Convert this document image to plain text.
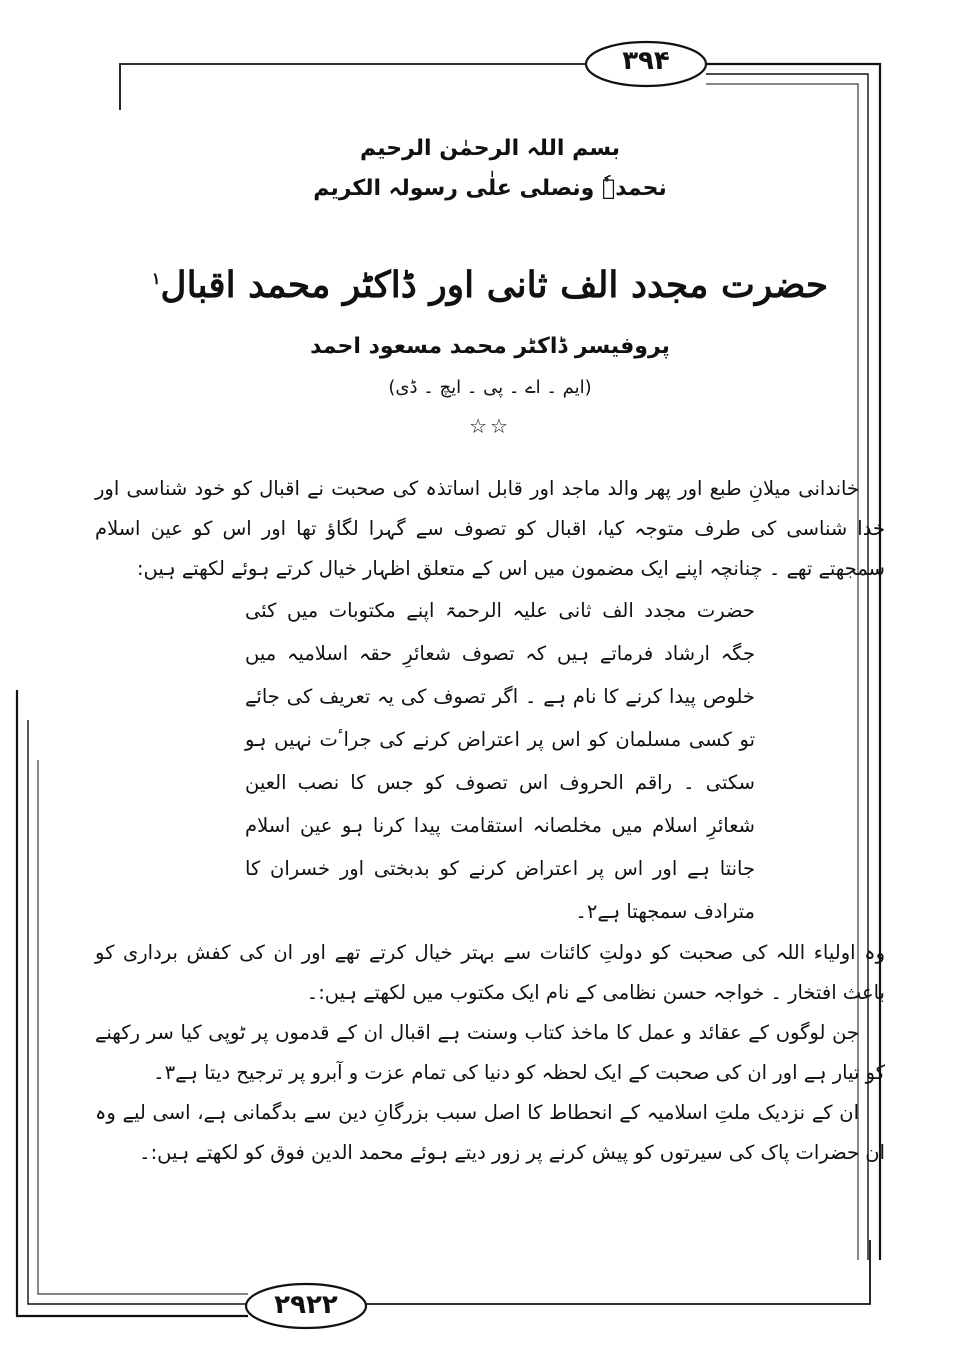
۳۹۴
۲۹۲۲
بسم اللہ الرحمٰن الرحیم
نحمدہٗ ونصلی علٰی رسولہ الکریم
حضرت مجدد الف ثانی اور ڈاکٹر محمد اقبال$^۱$
پروفیسر ڈاکٹر محمد مسعود احمد
(ایم ۔ اے ۔ پی ۔ ایچ ۔ ڈی)
☆☆

خاندانی میلانِ طبع اور پھر والد ماجد اور قابل اساتذہ کی صحبت نے اقبال کو خود شناسی اور خدا شناسی کی طرف متوجہ کیا، اقبال کو تصوف سے گہرا لگاؤ تھا اور اس کو عین اسلام سمجھتے تھے ۔ چنانچہ اپنے ایک مضمون میں اس کے متعلق اظہار خیال کرتے ہوئے لکھتے ہیں:

حضرت مجدد الف ثانی علیہ الرحمۃ اپنے مکتوبات میں کئی جگہ ارشاد فرماتے ہیں کہ تصوف شعائرِ حقہ اسلامیہ میں خلوص پیدا کرنے کا نام ہے ۔ اگر تصوف کی یہ تعریف کی جائے تو کسی مسلمان کو اس پر اعتراض کرنے کی جراٴت نہیں ہو سکتی ۔ راقم الحروف اس تصوف کو جس کا نصب العین شعائرِ اسلام میں مخلصانہ استقامت پیدا کرنا ہو عین اسلام جانتا ہے اور اس پر اعتراض کرنے کو بدبختی اور خسران کا مترادف سمجھتا ہے۲۔

وہ اولیاء اللہ کی صحبت کو دولتِ کائنات سے بہتر خیال کرتے تھے اور ان کی کفش برداری کو باعث افتخار ۔ خواجہ حسن نظامی کے نام ایک مکتوب میں لکھتے ہیں:۔

جن لوگوں کے عقائد و عمل کا ماخذ کتاب وسنت ہے اقبال ان کے قدموں پر ٹوپی کیا سر رکھنے کو تیار ہے اور ان کی صحبت کے ایک لحظہ کو دنیا کی تمام عزت و آبرو پر ترجیح دیتا ہے۳۔

ان کے نزدیک ملتِ اسلامیہ کے انحطاط کا اصل سبب بزرگانِ دین سے بدگمانی ہے، اسی لیے وہ ان حضرات پاک کی سیرتوں کو پیش کرنے پر زور دیتے ہوئے محمد الدین فوق کو لکھتے ہیں:۔
